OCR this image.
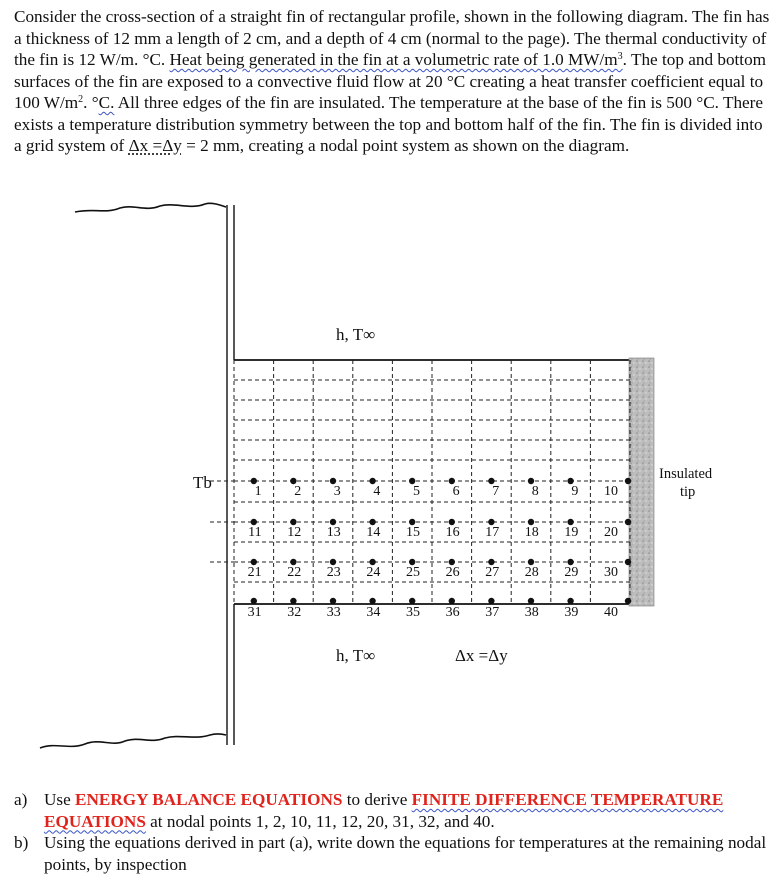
Consider the cross-section of a straight fin of rectangular profile, shown in the following diagram. The fin has a thickness of 12 mm a length of 2 cm, and a depth of 4 cm (normal to the page). The thermal conductivity of the fin is 12 W/m. °C. Heat being generated in the fin at a volumetric rate of 1.0 $MW/m^3$. The top and bottom surfaces of the fin are exposed to a convective fluid flow at 20 °C creating a heat transfer coefficient equal to 100 $W/m^2$. °C. All three edges of the fin are insulated. The temperature at the base of the fin is 500 °C. There exists a temperature distribution symmetry between the top and bottom half of the fin. The fin is divided into a grid system of Δx =Δy = 2 mm, creating a nodal point system as shown on the diagram.
1 2 3 4 5 6 7 8 9 10
11 12 13 14 15 16 17 18 19 20
21 22 23 24 25 26 27 28 29 30
31 32 33 34 35 36 37 38 39 40
h, T∞
h, T∞
Tb
Δx =Δy
Insulated
tip
a) Use ENERGY BALANCE EQUATIONS to derive FINITE DIFFERENCE TEMPERATURE EQUATIONS at nodal points 1, 2, 10, 11, 12, 20, 31, 32, and 40.
b) Using the equations derived in part (a), write down the equations for temperatures at the remaining nodal points, by inspection
